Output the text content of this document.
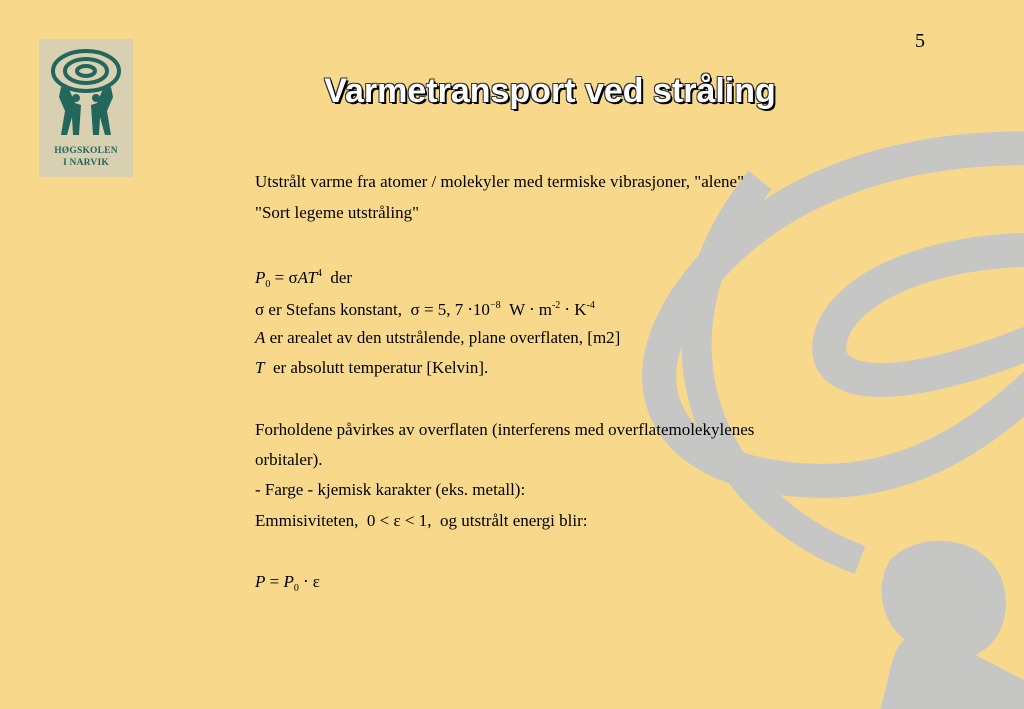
HØGSKOLEN
I NARVIK
5
Varmetransport ved stråling
Utstrålt varme fra atomer / molekyler med termiske vibrasjoner, "alene"
"Sort legeme utstråling"
$P_0 = \sigma AT^4$ der
σ er Stefans konstant, σ = 5, $7 \cdot 10^{-8}$  $W \cdot m^{-2} \cdot K^{-4}$
A er arealet av den utstrålende, plane overflaten, [m2]
T er absolutt temperatur [Kelvin].
Forholdene påvirkes av overflaten (interferens med overflatemolekylenes
orbitaler).
- Farge - kjemisk karakter (eks. metall):
Emmisiviteten, 0 < ε < 1, og utstrålt energi blir:
$P = P_0 \cdot \varepsilon$
